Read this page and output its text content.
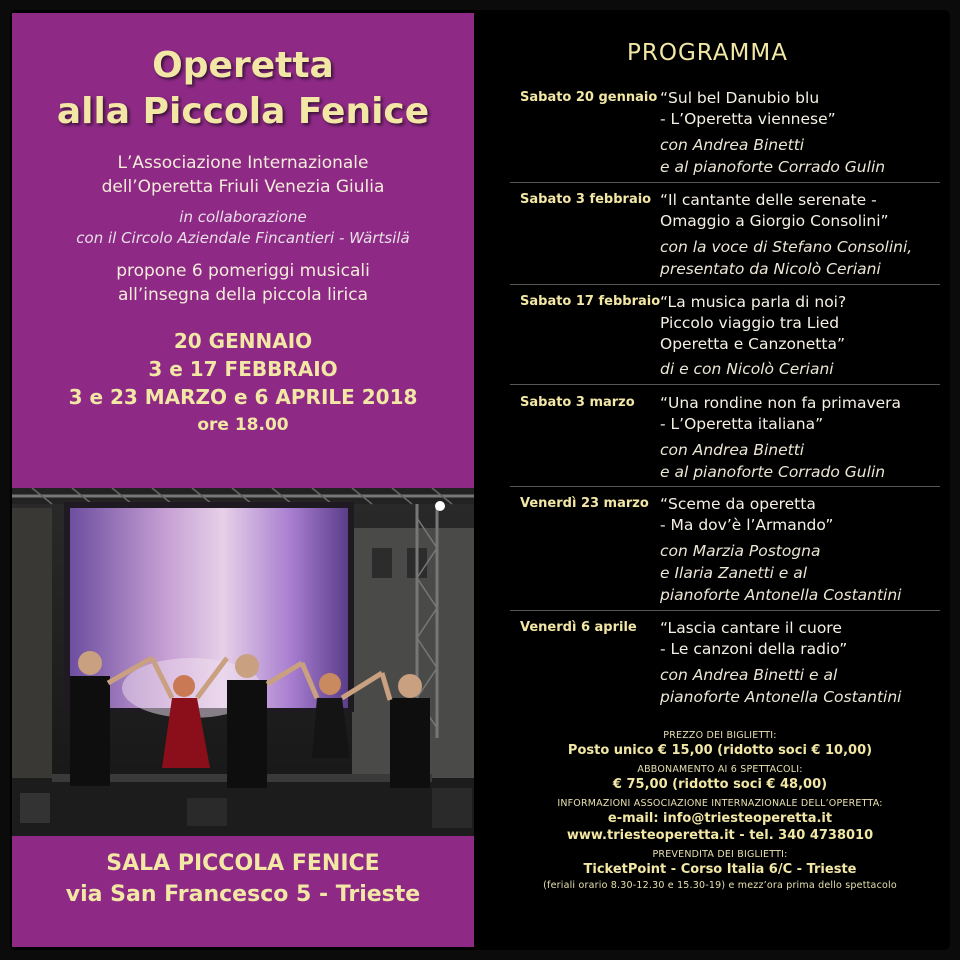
Operetta
alla Piccola Fenice
L’Associazione Internazionale
dell’Operetta Friuli Venezia Giulia
in collaborazione
con il Circolo Aziendale Fincantieri - Wärtsilä
propone 6 pomeriggi musicali
all’insegna della piccola lirica
20 GENNAIO
3 e 17 FEBBRAIO
3 e 23 MARZO e 6 APRILE 2018
ore 18.00
SALA PICCOLA FENICE
via San Francesco 5 - Trieste
PROGRAMMA
Sabato 20 gennaio “Sul bel Danubio blu
- L’Operetta viennese”
con Andrea Binetti
e al pianoforte Corrado Gulin
Sabato 3 febbraio “Il cantante delle serenate -
Omaggio a Giorgio Consolini”
con la voce di Stefano Consolini,
presentato da Nicolò Ceriani
Sabato 17 febbraio “La musica parla di noi?
Piccolo viaggio tra Lied
Operetta e Canzonetta”
di e con Nicolò Ceriani
Sabato 3 marzo “Una rondine non fa primavera
- L’Operetta italiana”
con Andrea Binetti
e al pianoforte Corrado Gulin
Venerdì 23 marzo “Sceme da operetta
- Ma dov’è l’Armando”
con Marzia Postogna
e Ilaria Zanetti e al
pianoforte Antonella Costantini
Venerdì 6 aprile “Lascia cantare il cuore
- Le canzoni della radio”
con Andrea Binetti e al
pianoforte Antonella Costantini
PREZZO DEI BIGLIETTI:
Posto unico € 15,00 (ridotto soci € 10,00)
ABBONAMENTO AI 6 SPETTACOLI:
€ 75,00 (ridotto soci € 48,00)
INFORMAZIONI ASSOCIAZIONE INTERNAZIONALE DELL’OPERETTA:
e-mail: info@triesteoperetta.it
www.triesteoperetta.it - tel. 340 4738010
PREVENDITA DEI BIGLIETTI:
TicketPoint - Corso Italia 6/C - Trieste
(feriali orario 8.30-12.30 e 15.30-19) e mezz’ora prima dello spettacolo
